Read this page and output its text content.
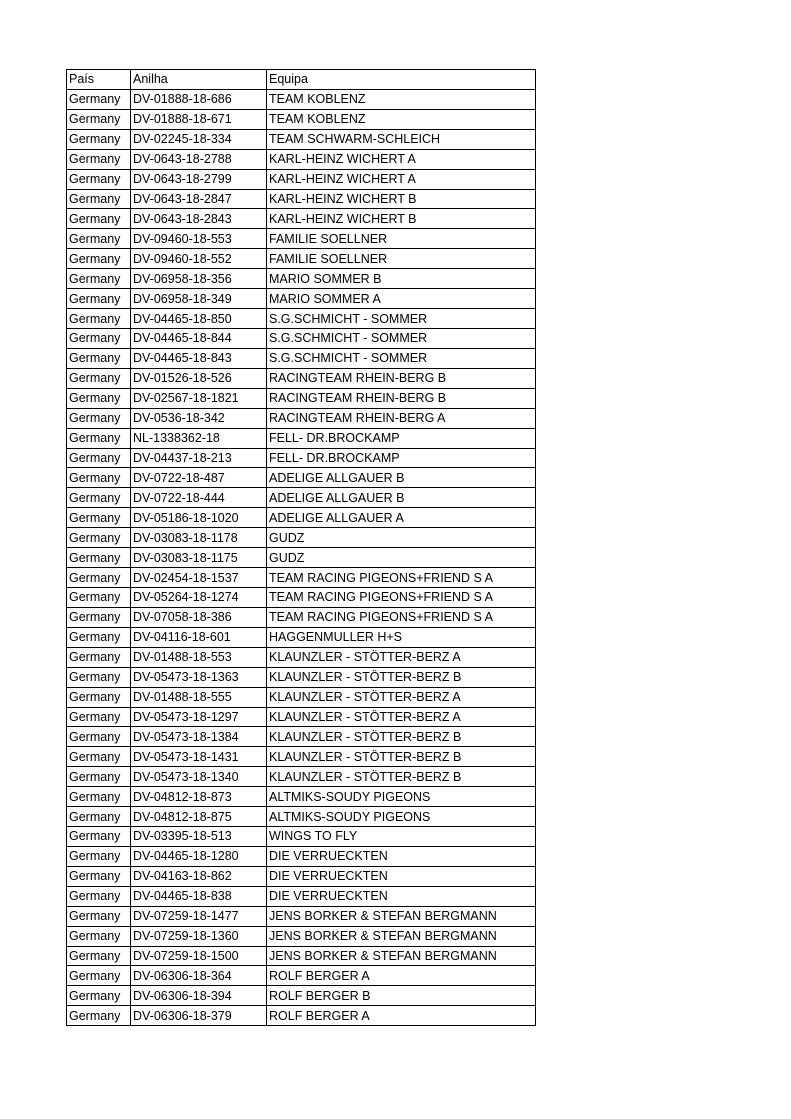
País	Anilha	Equipa
Germany	DV-01888-18-686	TEAM KOBLENZ
Germany	DV-01888-18-671	TEAM KOBLENZ
Germany	DV-02245-18-334	TEAM SCHWARM-SCHLEICH
Germany	DV-0643-18-2788	KARL-HEINZ WICHERT A
Germany	DV-0643-18-2799	KARL-HEINZ WICHERT A
Germany	DV-0643-18-2847	KARL-HEINZ WICHERT B
Germany	DV-0643-18-2843	KARL-HEINZ WICHERT B
Germany	DV-09460-18-553	FAMILIE SOELLNER
Germany	DV-09460-18-552	FAMILIE SOELLNER
Germany	DV-06958-18-356	MARIO SOMMER B
Germany	DV-06958-18-349	MARIO SOMMER A
Germany	DV-04465-18-850	S.G.SCHMICHT - SOMMER
Germany	DV-04465-18-844	S.G.SCHMICHT - SOMMER
Germany	DV-04465-18-843	S.G.SCHMICHT - SOMMER
Germany	DV-01526-18-526	RACINGTEAM RHEIN-BERG B
Germany	DV-02567-18-1821	RACINGTEAM RHEIN-BERG B
Germany	DV-0536-18-342	RACINGTEAM RHEIN-BERG A
Germany	NL-1338362-18	FELL- DR.BROCKAMP
Germany	DV-04437-18-213	FELL- DR.BROCKAMP
Germany	DV-0722-18-487	ADELIGE ALLGAUER B
Germany	DV-0722-18-444	ADELIGE ALLGAUER B
Germany	DV-05186-18-1020	ADELIGE ALLGAUER A
Germany	DV-03083-18-1178	GUDZ
Germany	DV-03083-18-1175	GUDZ
Germany	DV-02454-18-1537	TEAM RACING PIGEONS+FRIEND S A
Germany	DV-05264-18-1274	TEAM RACING PIGEONS+FRIEND S A
Germany	DV-07058-18-386	TEAM RACING PIGEONS+FRIEND S A
Germany	DV-04116-18-601	HAGGENMULLER H+S
Germany	DV-01488-18-553	KLAUNZLER - STÖTTER-BERZ A
Germany	DV-05473-18-1363	KLAUNZLER - STÖTTER-BERZ B
Germany	DV-01488-18-555	KLAUNZLER - STÖTTER-BERZ A
Germany	DV-05473-18-1297	KLAUNZLER - STÖTTER-BERZ A
Germany	DV-05473-18-1384	KLAUNZLER - STÖTTER-BERZ B
Germany	DV-05473-18-1431	KLAUNZLER - STÖTTER-BERZ B
Germany	DV-05473-18-1340	KLAUNZLER - STÖTTER-BERZ B
Germany	DV-04812-18-873	ALTMIKS-SOUDY PIGEONS
Germany	DV-04812-18-875	ALTMIKS-SOUDY PIGEONS
Germany	DV-03395-18-513	WINGS TO FLY
Germany	DV-04465-18-1280	DIE VERRUECKTEN
Germany	DV-04163-18-862	DIE VERRUECKTEN
Germany	DV-04465-18-838	DIE VERRUECKTEN
Germany	DV-07259-18-1477	JENS BORKER & STEFAN BERGMANN
Germany	DV-07259-18-1360	JENS BORKER & STEFAN BERGMANN
Germany	DV-07259-18-1500	JENS BORKER & STEFAN BERGMANN
Germany	DV-06306-18-364	ROLF BERGER A
Germany	DV-06306-18-394	ROLF BERGER B
Germany	DV-06306-18-379	ROLF BERGER A
